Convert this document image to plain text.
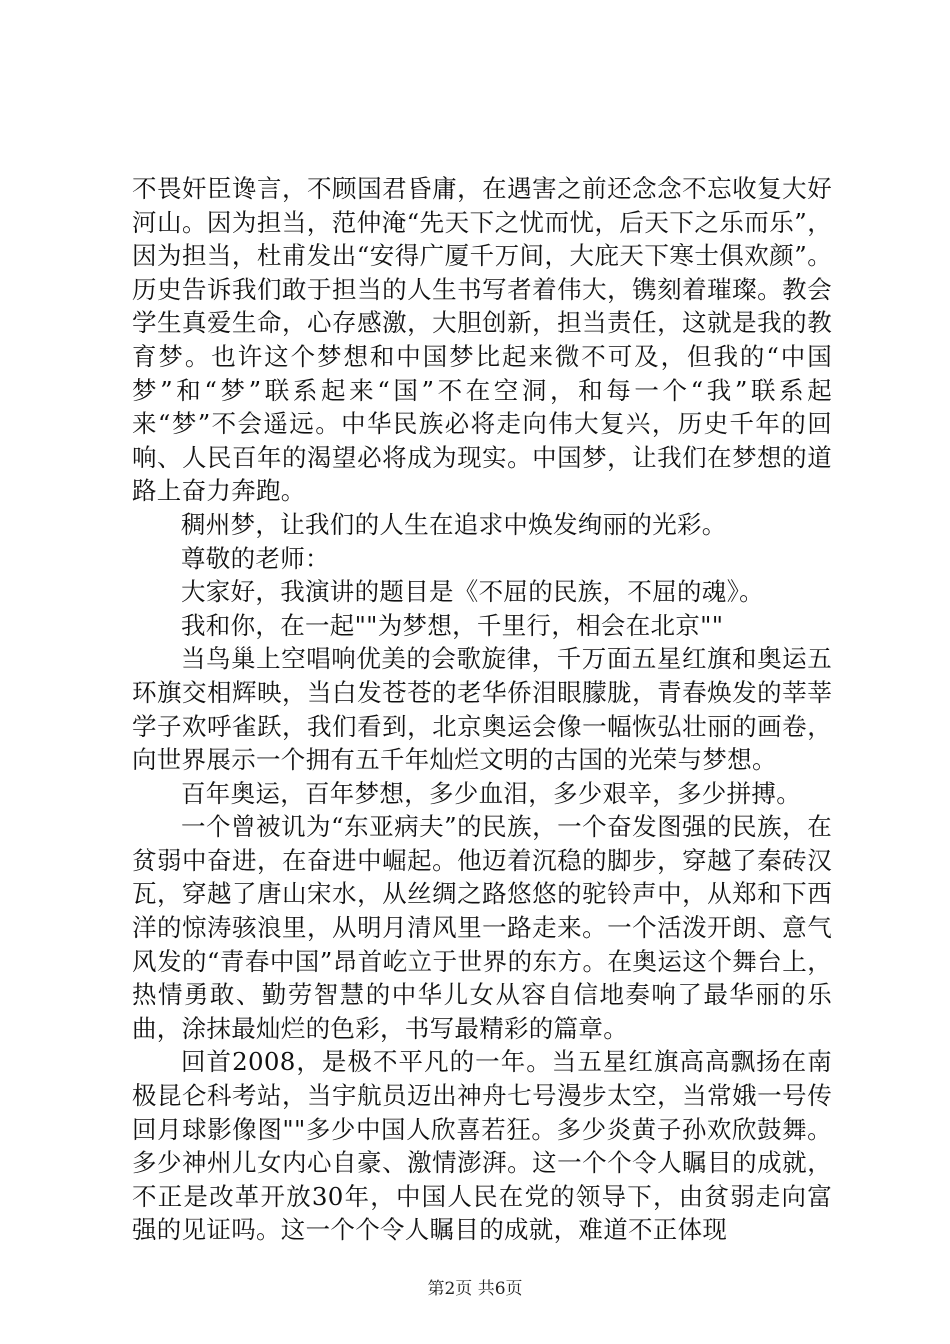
不畏奸臣谗言，不顾国君昏庸，在遇害之前还念念不忘收复大好河山。因为担当，范仲淹“先天下之忧而忧，后天下之乐而乐”，因为担当，杜甫发出“安得广厦千万间，大庇天下寒士俱欢颜”。历史告诉我们敢于担当的人生书写者着伟大，镌刻着璀璨。教会学生真爱生命，心存感激，大胆创新，担当责任，这就是我的教育梦。也许这个梦想和中国梦比起来微不可及，但我的“中国梦”和“梦”联系起来“国”不在空洞，和每一个“我”联系起来“梦”不会遥远。中华民族必将走向伟大复兴，历史千年的回响、人民百年的渴望必将成为现实。中国梦，让我们在梦想的道路上奋力奔跑。

稠州梦，让我们的人生在追求中焕发绚丽的光彩。

尊敬的老师：

大家好，我演讲的题目是《不屈的民族，不屈的魂》。

我和你，在一起""为梦想，千里行，相会在北京""

当鸟巢上空唱响优美的会歌旋律，千万面五星红旗和奥运五环旗交相辉映，当白发苍苍的老华侨泪眼朦胧，青春焕发的莘莘学子欢呼雀跃，我们看到，北京奥运会像一幅恢弘壮丽的画卷，向世界展示一个拥有五千年灿烂文明的古国的光荣与梦想。

百年奥运，百年梦想，多少血泪，多少艰辛，多少拼搏。

一个曾被讥为“东亚病夫”的民族，一个奋发图强的民族，在贫弱中奋进，在奋进中崛起。他迈着沉稳的脚步，穿越了秦砖汉瓦，穿越了唐山宋水，从丝绸之路悠悠的驼铃声中，从郑和下西洋的惊涛骇浪里，从明月清风里一路走来。一个活泼开朗、意气风发的“青春中国”昂首屹立于世界的东方。在奥运这个舞台上，热情勇敢、勤劳智慧的中华儿女从容自信地奏响了最华丽的乐曲，涂抹最灿烂的色彩，书写最精彩的篇章。

回首2008，是极不平凡的一年。当五星红旗高高飘扬在南极昆仑科考站，当宇航员迈出神舟七号漫步太空，当常娥一号传回月球影像图""多少中国人欣喜若狂。多少炎黄子孙欢欣鼓舞。多少神州儿女内心自豪、激情澎湃。这一个个令人瞩目的成就，不正是改革开放30年，中国人民在党的领导下，由贫弱走向富强的见证吗。这一个个令人瞩目的成就，难道不正体现

第2页 共6页
